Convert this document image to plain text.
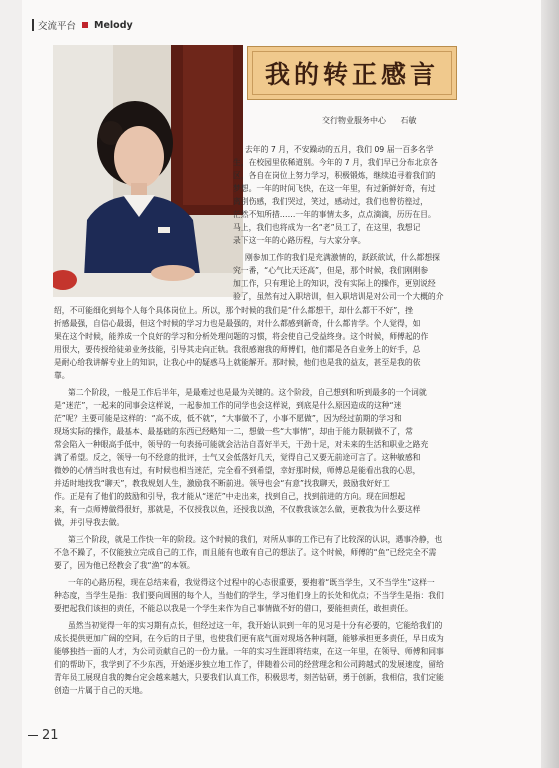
交流平台 Melody
我的转正感言
交行物业服务中心 石敏
去年的 7 月，不安躁动的五月，我们 09 届一百多名学
生，在校园里依稀道别。今年的 7 月，我们早已分布北京各
区，各自在岗位上努力学习，积极锻炼，继续追寻着我们的
梦想。一年的时间飞快，在这一年里，有过新鲜好奇，有过
离别伤感，我们哭过，笑过，感动过，我们也曾彷徨过，
茫然不知所措……一年的事情太多，点点滴滴，历历在目。
马上，我们也将成为一名“老”员工了，在这里，我想记
录下这一年的心路历程，与大家分享。
刚参加工作的我们是充满激情的，跃跃欲试，什么都想探
究一番，“心气比天还高”，但是，那个时候，我们刚刚参
加工作，只有理论上的知识，没有实际上的操作，更别说经
验了，虽然有过入职培训，但入职培训是对公司一个大概的介
绍，不可能细化到每个人每个具体岗位上。所以，那个时候的我们是“什么都想干，却什么都干不好”，挫
折感最强，自信心最弱，但这个时候的学习力也是最强的，对什么都感到新奇，什么都肯学。个人觉得，如
果在这个时候，能养成一个良好的学习和分析处理问题的习惯，将会使自己受益终身。这个时候，师傅起的作
用很大，要传授给徒弟业务技能，引导其走向正轨。我很感谢我的师傅们，他们都是各自业务上的好手，总
是耐心给我讲解专业上的知识，让我心中的疑惑马上就能解开。那时候，他们也是我的益友，甚至是我的依
靠。
第二个阶段，一般是工作后半年，是最难过也是最为关键的。这个阶段，自己想到和听到最多的一个词就
是“迷茫”，一起来的同事会这样说，一起参加工作的同学也会这样说，到底是什么原因造成的这种“迷
茫”呢？主要可能是这样的：“高不成，低不就”，“大事做不了，小事不愿做”，因为经过前期的学习和
现场实际的操作，最基本、最基础的东西已经略知一二，想做一些“大事情”，却由于能力限制做不了，常
常会陷入一种眼高手低中，领导的一句表扬可能就会沾沾自喜好半天，干劲十足，对未来的生活和职业之路充
满了希望。反之，领导一句不经意的批评，士气又会低落好几天，觉得自己又要无前途可言了。这种敏感和
微妙的心情当时我也有过，有时候也相当迷茫，完全看不到希望，幸好那时候，师傅总是能看出我的心思，
并适时地找我“聊天”，教我规划人生，激励我不断前进。领导也会“有意”找我聊天，鼓励我好好工
作。正是有了他们的鼓励和引导，我才能从“迷茫”中走出来，找到自己，找到前进的方向。现在回想起
来，有一点师傅做得很好，那就是，不仅授我以鱼，还授我以渔，不仅教我该怎么做，更教我为什么要这样
做，并引导我去做。
第三个阶段，就是工作快一年的阶段。这个时候的我们，对所从事的工作已有了比较深的认识，遇事冷静，也
不急不躁了，不仅能独立完成自己的工作，而且能有也敢有自己的想法了。这个时候，师傅的“鱼”已经完全不需
要了，因为他已经教会了我“渔”的本领。
一年的心路历程，现在总结来看，我觉得这个过程中的心态很重要，要抱着“既当学生，又不当学生”这样一
种态度，当学生是指：我们要向周围的每个人，当他们的学生，学习他们身上的长处和优点；不当学生是指：我们
要把起我们该担的责任，不能总以我是一个学生来作为自己事情做不好的借口，要能担责任，敢担责任。
虽然当初觉得一年的实习期有点长，但经过这一年，我开始认识到一年的见习是十分有必要的，它能给我们的
成长提供更加广阔的空间，在今后的日子里，也使我们更有底气面对现场各种问题，能够承担更多责任，早日成为
能够独挡一面的人才，为公司贡献自己的一份力量。一年的实习生涯即将结束，在这一年里，在领导、师傅和同事
们的帮助下，我学到了不少东西，开始逐步独立地工作了，伴随着公司的经营理念和公司跨越式的发展速度，留给
青年员工展现自我的舞台定会越来越大，只要我们认真工作，积极思考，刻苦钻研，勇于创新，我相信，我们定能
创造一片属于自己的天地。
21
